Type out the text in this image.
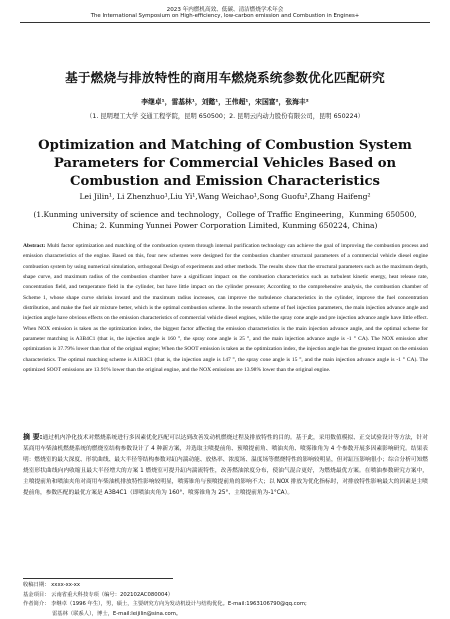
2023 年内燃机高效、低碳、清洁燃烧学术年会
The International Symposium on High-efficiency, low-carbon emission and Combustion in Engines+
基于燃烧与排放特性的商用车燃烧系统参数优化匹配研究
李继卓¹，雷基林¹，刘懿¹，王伟超¹，宋国富²，张海丰²
（1. 昆明理工大学 交通工程学院，昆明 650500；2. 昆明云内动力股份有限公司，昆明 650224）
Optimization and Matching of Combustion System Parameters for Commercial Vehicles Based on Combustion and Emission Characteristics
Lei Jilin¹, Li Zhenzhuo¹,Liu Yi¹,Wang Weichao¹,Song Guofu²,Zhang Haifeng²
(1.Kunming university of science and technology，College of Traffic Engineering，Kunming 650500, China; 2. Kunming Yunnei Power Corporation Limited, Kunming 650224, China)
Abstract: Multi factor optimization and matching of the combustion system through internal purification technology can achieve the goal of improving the combustion process and emission characteristics of the engine. Based on this, four new schemes were designed for the combustion chamber structural parameters of a commercial vehicle diesel engine combustion system by using numerical simulation, orthogonal Design of experiments and other methods. The results show that the structural parameters such as the maximum depth, shape curve, and maximum radius of the combustion chamber have a significant impact on the combustion characteristics such as turbulent kinetic energy, heat release rate, concentration field, and temperature field in the cylinder, but have little impact on the cylinder pressure; According to the comprehensive analysis, the combustion chamber of Scheme 1, whose shape curve shrinks inward and the maximum radius increases, can improve the turbulence characteristics in the cylinder, improve the fuel concentration distribution, and make the fuel air mixture better, which is the optimal combustion scheme. In the research scheme of fuel injection parameters, the main injection advance angle and injection angle have obvious effects on the emission characteristics of commercial vehicle diesel engines, while the spray cone angle and pre injection advance angle have little effect. When NOX emission is taken as the optimization index, the biggest factor affecting the emission characteristics is the main injection advance angle, and the optimal scheme for parameter matching is A3B4C1 (that is, the injection angle is 160 °, the spray cone angle is 25 °, and the main injection advance angle is -1 ° CA). The NOX emission after optimization is 37.79% lower than that of the original engine; When the SOOT emission is taken as the optimization index, the injection angle has the greatest impact on the emission characteristics. The optimal matching scheme is A1B3C1 (that is, the injection angle is 147 °, the spray cone angle is 15 °, and the main injection advance angle is -1 ° CA). The optimized SOOT emissions are 13.91% lower than the original engine, and the NOX emissions are 13.98% lower than the original engine.
摘 要:通过机内净化技术对燃烧系统进行多因素优化匹配可以达到改善发动机燃烧过程及排放特性的目的。基于此，采用数值模拟、正交试验设计等方法，针对某商用车柴油机燃烧系统的燃烧室结构参数设计了 4 种新方案，并选取主喷提前角、预喷提前角、喷油夹角、喷雾锥角为 4 个参数开展多因素影响研究。结果表明：燃烧室的最大深度、形状曲线、最大半径等结构参数对缸内湍动能、放热率、浓度场、温度场等燃烧特性的影响较明显，但对缸压影响很小；综合分析可知燃烧室形状曲线向内收缩且最大半径增大的方案 1 燃烧室可提升缸内湍流特性，改善燃油浓度分布，使油气混合更好，为燃烧最优方案。在喷油参数研究方案中，主喷提前角和喷油夹角对商用车柴油机排放特性影响较明显，喷雾锥角与预喷提前角的影响不大；以 NOX 排放为优化指标时，对排放特性影响最大的因素是主喷提前角，参数匹配的最优方案是 A3B4C1（即喷油夹角为 160°、喷雾锥角为 25°、主喷提前角为-1°CA）。
收稿日期： xxxx-xx-xx
基金项目： 云南省重大科技专项（编号：202102AC080004）
作者简介： 李继卓（1996 年生），男，硕士，主要研究方向为发动机设计与结构优化。E-mail:1963106790@qq.com;
雷基林（联系人），博士，E-mail:leijilin@sina.com。
